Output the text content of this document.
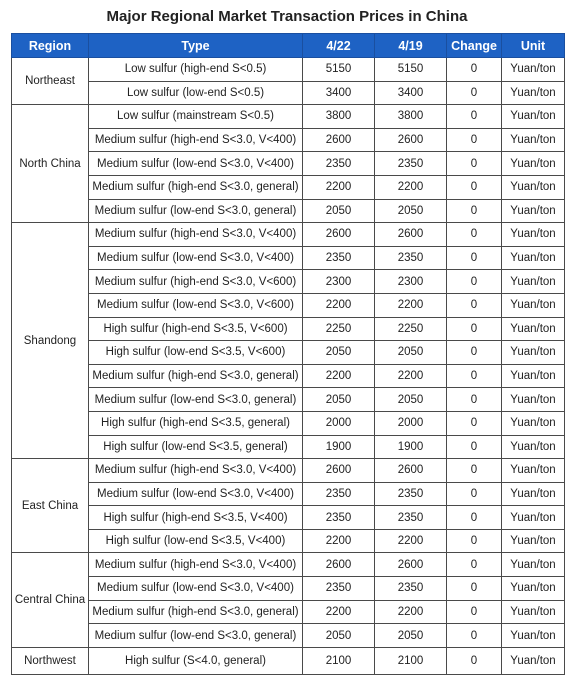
Major Regional Market Transaction Prices in China
Region	Type	4/22	4/19	Change	Unit
Northeast	Low sulfur (high-end S<0.5)	5150	5150	0	Yuan/ton
	Low sulfur (low-end S<0.5)	3400	3400	0	Yuan/ton
North China	Low sulfur (mainstream S<0.5)	3800	3800	0	Yuan/ton
	Medium sulfur (high-end S<3.0, V<400)	2600	2600	0	Yuan/ton
	Medium sulfur (low-end S<3.0, V<400)	2350	2350	0	Yuan/ton
	Medium sulfur (high-end S<3.0, general)	2200	2200	0	Yuan/ton
	Medium sulfur (low-end S<3.0, general)	2050	2050	0	Yuan/ton
Shandong	Medium sulfur (high-end S<3.0, V<400)	2600	2600	0	Yuan/ton
	Medium sulfur (low-end S<3.0, V<400)	2350	2350	0	Yuan/ton
	Medium sulfur (high-end S<3.0, V<600)	2300	2300	0	Yuan/ton
	Medium sulfur (low-end S<3.0, V<600)	2200	2200	0	Yuan/ton
	High sulfur (high-end S<3.5, V<600)	2250	2250	0	Yuan/ton
	High sulfur (low-end S<3.5, V<600)	2050	2050	0	Yuan/ton
	Medium sulfur (high-end S<3.0, general)	2200	2200	0	Yuan/ton
	Medium sulfur (low-end S<3.0, general)	2050	2050	0	Yuan/ton
	High sulfur (high-end S<3.5, general)	2000	2000	0	Yuan/ton
	High sulfur (low-end S<3.5, general)	1900	1900	0	Yuan/ton
East China	Medium sulfur (high-end S<3.0, V<400)	2600	2600	0	Yuan/ton
	Medium sulfur (low-end S<3.0, V<400)	2350	2350	0	Yuan/ton
	High sulfur (high-end S<3.5, V<400)	2350	2350	0	Yuan/ton
	High sulfur (low-end S<3.5, V<400)	2200	2200	0	Yuan/ton
Central China	Medium sulfur (high-end S<3.0, V<400)	2600	2600	0	Yuan/ton
	Medium sulfur (low-end S<3.0, V<400)	2350	2350	0	Yuan/ton
	Medium sulfur (high-end S<3.0, general)	2200	2200	0	Yuan/ton
	Medium sulfur (low-end S<3.0, general)	2050	2050	0	Yuan/ton
Northwest	High sulfur (S<4.0, general)	2100	2100	0	Yuan/ton
